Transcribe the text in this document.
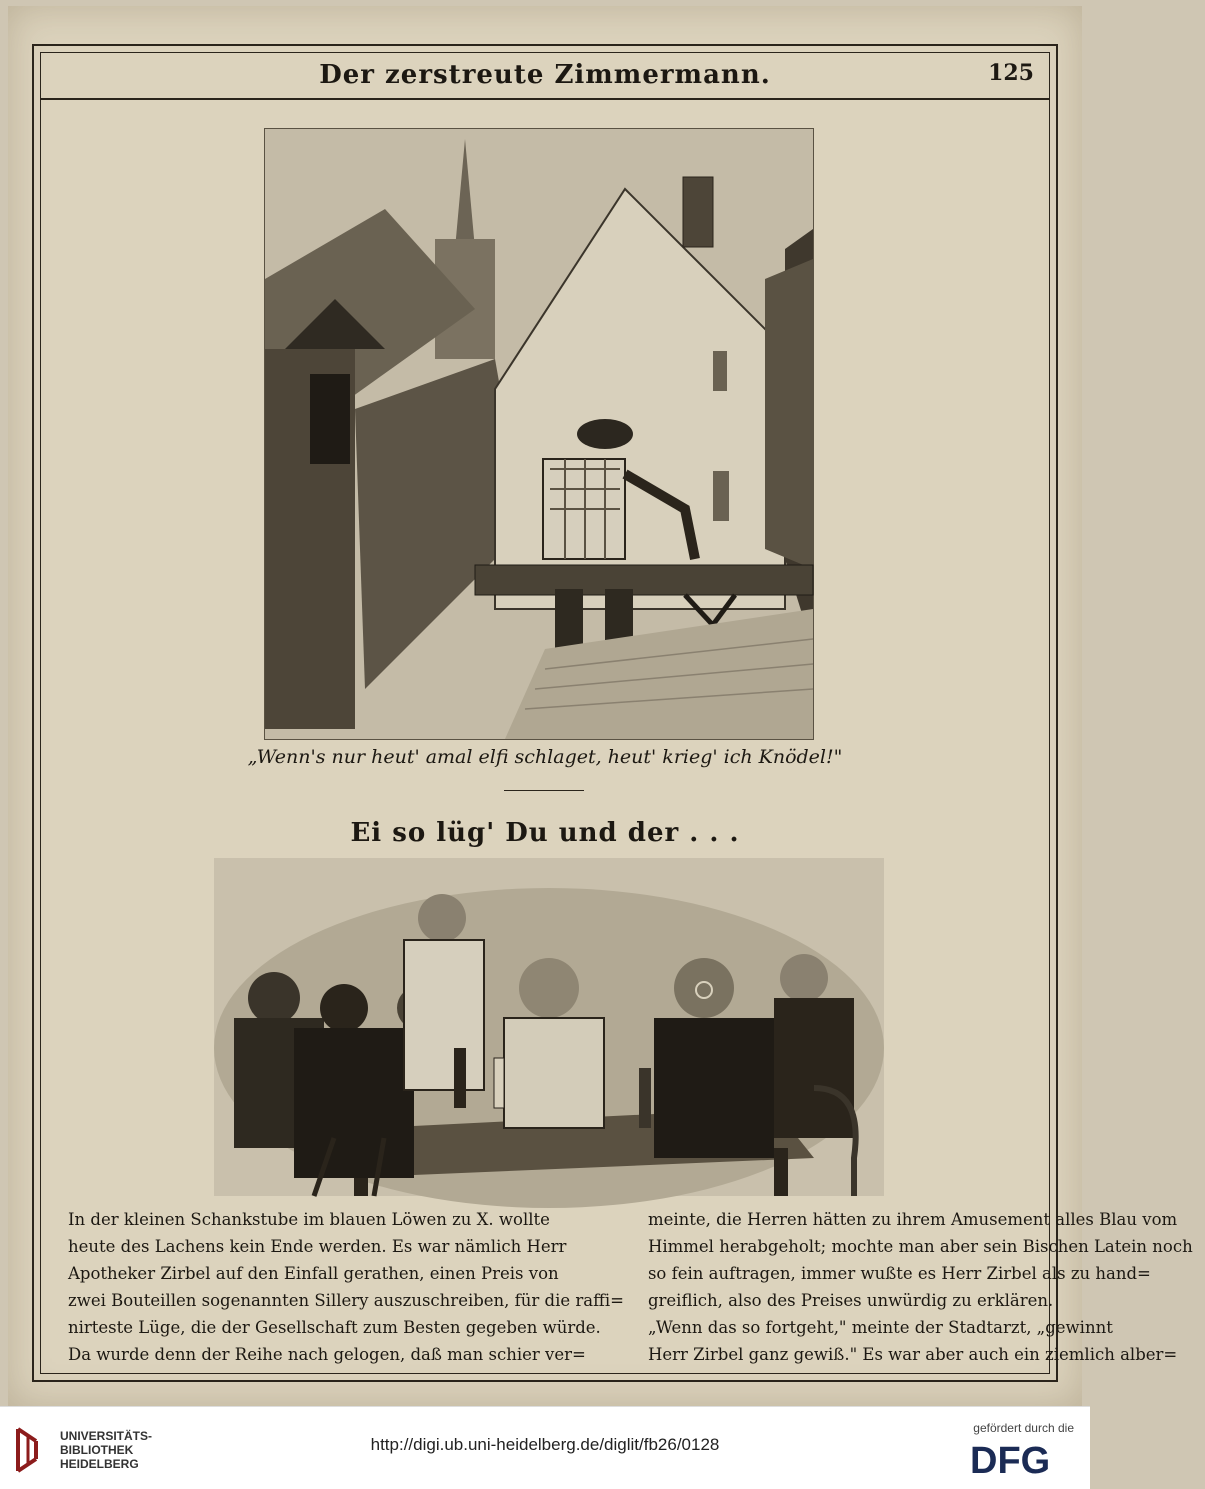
Der zerstreute Zimmermann.	125
„Wenn's nur heut' amal elfi schlaget, heut' krieg' ich Knödel!"
Ei so lüg' Du und der . . .
In der kleinen Schankstube im blauen Löwen zu X. wollte
heute des Lachens kein Ende werden. Es war nämlich Herr
Apotheker Zirbel auf den Einfall gerathen, einen Preis von
zwei Bouteillen sogenannten Sillery auszuschreiben, für die raffi=
nirteste Lüge, die der Gesellschaft zum Besten gegeben würde.
Da wurde denn der Reihe nach gelogen, daß man schier ver=
meinte, die Herren hätten zu ihrem Amusement alles Blau vom
Himmel herabgeholt; mochte man aber sein Bischen Latein noch
so fein auftragen, immer wußte es Herr Zirbel als zu hand=
greiflich, also des Preises unwürdig zu erklären.
„Wenn das so fortgeht," meinte der Stadtarzt, „gewinnt
Herr Zirbel ganz gewiß." Es war aber auch ein ziemlich alber=
UNIVERSITÄTS-
BIBLIOTHEK
HEIDELBERG
http://digi.ub.uni-heidelberg.de/diglit/fb26/0128
gefördert durch die
DFG
